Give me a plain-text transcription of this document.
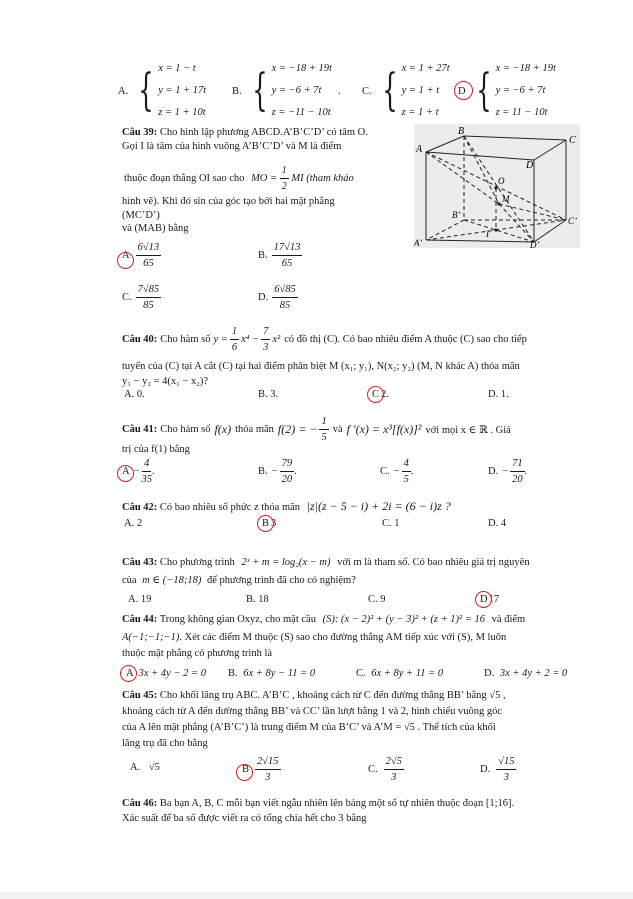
A. { x = 1 − t
y = 1 + 17t
z = 1 + 10t
B. { x = −18 + 19t
y = −6 + 7t
z = −11 − 10t
. C. { x = 1 + 27t
y = 1 + t
z = 1 + t
D { x = −18 + 19t
y = −6 + 7t
z = 11 − 10t
Câu 39: Cho hình lập phương ABCD.A’B’C’D’ có tâm O.
Gọi I là tâm của hình vuông A’B’C’D’ và M là điểm
thuộc đoạn thẳng OI sao cho MO = $\frac{1}{2}$ MI (tham khảo
hình vẽ). Khi đó sin của góc tạo bởi hai mặt phẳng
(MC’D’)
và (MAB) bằng
A $\frac{6√13}{65}$	B. $\frac{17√13}{65}$
C. $\frac{7√85}{85}$	D. $\frac{6√85}{85}$
B
C
A
D
O
M
B’
C’
I
A’	D’
Câu 40: Cho hàm số $y = \frac{1}{6} x^4 - \frac{7}{3} x^2$ có đồ thị (C). Có bao nhiêu điểm A thuộc (C) sao cho tiếp
tuyến của (C) tại A cắt (C) tại hai điểm phân biệt M (x₁; y₁), N(x₂; y₂) (M, N khác A) thỏa mãn
y₁ − y₂ = 4(x₁ − x₂)?
A. 0.	B. 3.	C 2.	D. 1.
Câu 41: Cho hàm số f(x) thỏa mãn f(2) = − $\frac{1}{5}$ và f ′(x) = x³[f(x)]² với mọi x ∈ ℝ . Giá
trị của f(1) bằng
$A - \frac{4}{35}$ .	B. − $\frac{79}{20}$ .	C. − $\frac{4}{5}$ .	D. − $\frac{71}{20}$ .
Câu 42: Có bao nhiêu số phức z thỏa mãn |z|(z − 5 − i) + 2i = (6 − i)z ?
A. 2	B 3	C. 1	D. 4
Câu 43: Cho phương trình 2ˣ + m = log₂(x − m) với m là tham số. Có bao nhiêu giá trị nguyên
của m ∈ (−18;18) để phương trình đã cho có nghiệm?
A. 19	B. 18	C. 9	D17
Câu 44: Trong không gian Oxyz, cho mặt cầu (S): (x − 2)² + (y − 3)² + (z + 1)² = 16 và điểm
A(−1;−1;−1). Xét các điểm M thuộc (S) sao cho đường thẳng AM tiếp xúc với (S), M luôn
thuộc mặt phẳng có phương trình là
A 3x + 4y − 2 = 0 B. 6x + 8y − 11 = 0	C. 6x + 8y + 11 = 0	D. 3x + 4y + 2 = 0
Câu 45: Cho khối lăng trụ ABC. A’B’C , khoảng cách từ C đến đường thẳng BB’ bằng √5 ,
khoảng cách từ A đến đường thẳng BB’ và CC’ lần lượt bằng 1 và 2, hình chiếu vuông góc
của A lên mặt phẳng (A’B’C’) là trung điểm M của B’C’ và A’M = √5 . Thể tích của khối
lăng trụ đã cho bằng
A. √5	B $\frac{2√15}{3}$	C. $\frac{2√5}{3}$	D. $\frac{√15}{3}$
Câu 46: Ba bạn A, B, C mỗi bạn viết ngẫu nhiên lên bảng một số tự nhiên thuộc đoạn [1;16].
Xác suất để ba số được viết ra có tổng chia hết cho 3 bằng
